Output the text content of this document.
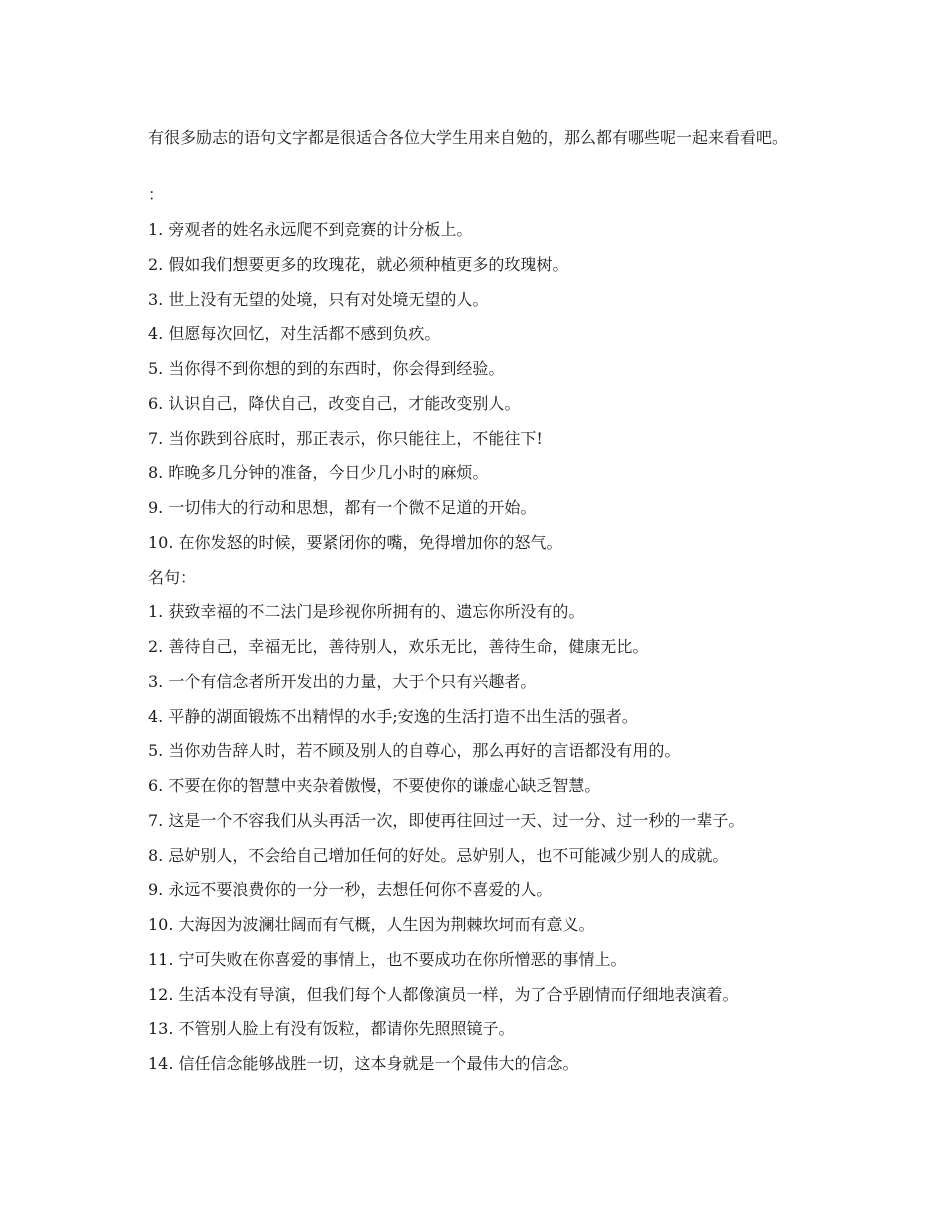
有很多励志的语句文字都是很适合各位大学生用来自勉的，那么都有哪些呢一起来看看吧。

：

1. 旁观者的姓名永远爬不到竞赛的计分板上。
2. 假如我们想要更多的玫瑰花，就必须种植更多的玫瑰树。
3. 世上没有无望的处境，只有对处境无望的人。
4. 但愿每次回忆，对生活都不感到负疚。
5. 当你得不到你想的到的东西时，你会得到经验。
6. 认识自己，降伏自己，改变自己，才能改变别人。
7. 当你跌到谷底时，那正表示，你只能往上，不能往下!
8. 昨晚多几分钟的准备，今日少几小时的麻烦。
9. 一切伟大的行动和思想，都有一个微不足道的开始。
10. 在你发怒的时候，要紧闭你的嘴，免得增加你的怒气。
名句：
1. 获致幸福的不二法门是珍视你所拥有的、遗忘你所没有的。
2. 善待自己，幸福无比，善待别人，欢乐无比，善待生命，健康无比。
3. 一个有信念者所开发出的力量，大于个只有兴趣者。
4. 平静的湖面锻炼不出精悍的水手;安逸的生活打造不出生活的强者。
5. 当你劝告辞人时，若不顾及别人的自尊心，那么再好的言语都没有用的。
6. 不要在你的智慧中夹杂着傲慢，不要使你的谦虚心缺乏智慧。
7. 这是一个不容我们从头再活一次，即使再往回过一天、过一分、过一秒的一辈子。
8. 忌妒别人，不会给自己增加任何的好处。忌妒别人，也不可能减少别人的成就。
9. 永远不要浪费你的一分一秒，去想任何你不喜爱的人。
10. 大海因为波澜壮阔而有气概，人生因为荆棘坎坷而有意义。
11. 宁可失败在你喜爱的事情上，也不要成功在你所憎恶的事情上。
12. 生活本没有导演，但我们每个人都像演员一样，为了合乎剧情而仔细地表演着。
13. 不管别人脸上有没有饭粒，都请你先照照镜子。
14. 信任信念能够战胜一切，这本身就是一个最伟大的信念。
